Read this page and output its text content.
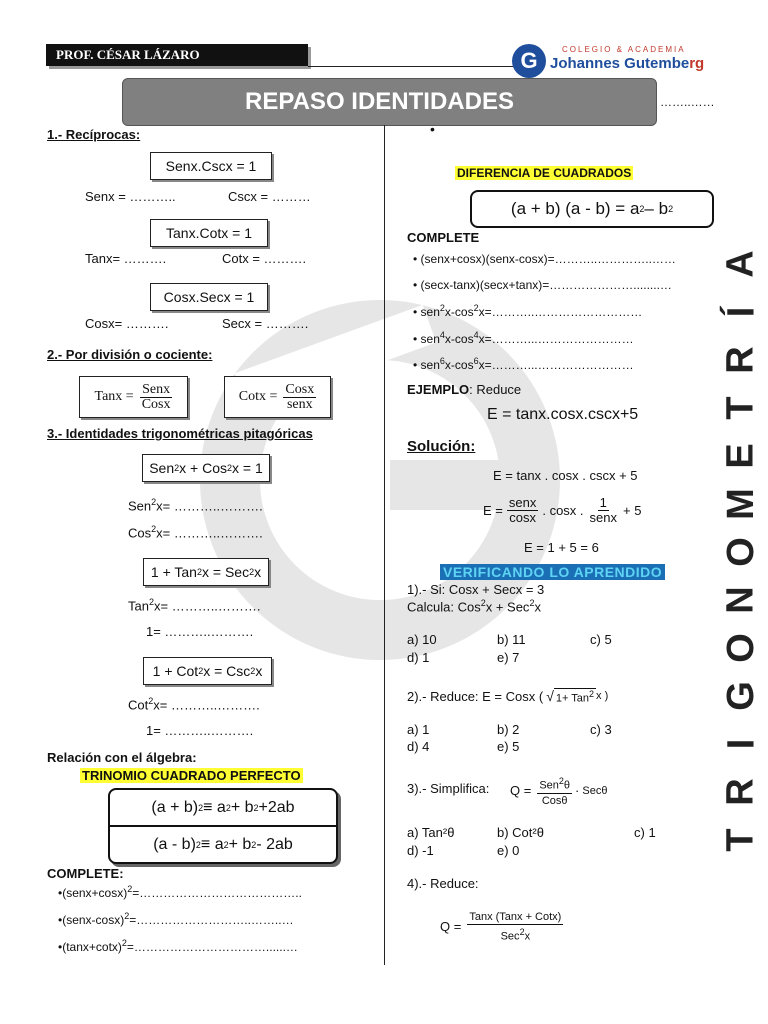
PROF. CÉSAR LÁZARO
REPASO IDENTIDADES	……..……
G	COLEGIO & ACADEMIA
Johannes Gutemberg
T
R
I
G
O
N
O
M
E
T
R
Í
A
1.- Recíprocas:
Senx.Cscx = 1
Senx = ………..	Cscx = ………
Tanx.Cotx = 1
Tanx= ……….	Cotx = ……….
Cosx.Secx = 1
Cosx= ……….	Secx = ……….
2.- Por división o cociente:
Tanx = $\frac{\text{Senx}}{\text{Cosx}}$	Cotx = $\frac{\text{Cosx}}{\text{senx}}$
3.- Identidades trigonométricas pitagóricas
Sen 2 x + Cos 2 x = 1
Sen$^2$x= ………..……….
Cos$^2$x= ………..……….
1 + Tan 2 x = Sec 2 x
Tan$^2$x= ………..……….
1= ………..……….
1 + Cot 2 x = Csc 2 x
Cot$^2$x= ………..……….
1= ………..……….
Relación con el álgebra:
TRINOMIO CUADRADO PERFECTO
(a + b) 2 ≡ a 2 + b 2 +2ab
(a - b) 2 ≡ a 2 + b 2 - 2ab
COMPLETE:
•(senx+cosx)$^2$=…………………………………..
•(senx-cosx)$^2$=………………………..……..…
$•(\tan x+\cot x)^2=\dots\dots\dots\dots\dots\dots\dots\dots\dots\dots\dots......\dots$
•
DIFERENCIA DE CUADRADOS
(a + b) (a - b) = a 2 – b 2
COMPLETE
• (senx+cosx)(senx-cosx)=………..…………..……
• (secx-tanx)(secx+tanx)=…………………........…
• $sen^2x-\cos^2x=\dots\dots\dots..\dots\dots\dots\dots\dots\dots\dots\dots\dots$
• $sen^4x-\cos^4x=\dots\dots\dots...\dots\dots\dots\dots\dots\dots\dots\dots$
• $sen^6x-\cos^6x=\dots\dots\dots...\dots\dots\dots\dots\dots\dots\dots\dots$
EJEMPLO: Reduce
E = tanx.cosx.cscx+5
Solución:
E = tanx . cosx . cscx + 5
$E = \frac{\text{senx}}{\cos x}$ . cosx . $\frac{1}{\text{senx}} + 5$
E = 1 + 5 = 6
VERIFICANDO LO APRENDIDO
1).- Si: Cosx + Secx = 3
Calcula: Cos$^2$x + Sec$^2$x
a) 10	b) 11	c) 5
d) 1	e) 7
2).- Reduce: E = Cosx ( √ 1+ Tan$^2$ x )
a) 1	b) 2	c) 3
d) 4	e) 5
3).- Simplifica: $Q = \frac{Sen^2\theta}{\text{Cosθ}} \cdot Sec\theta$
a) Tan²θ	b) Cot²θ	c) 1
d) -1	e) 0
4).- Reduce:
$Q = \frac{\text{Tanx (Tanx + Cotx)}}{Sec^2x}$
